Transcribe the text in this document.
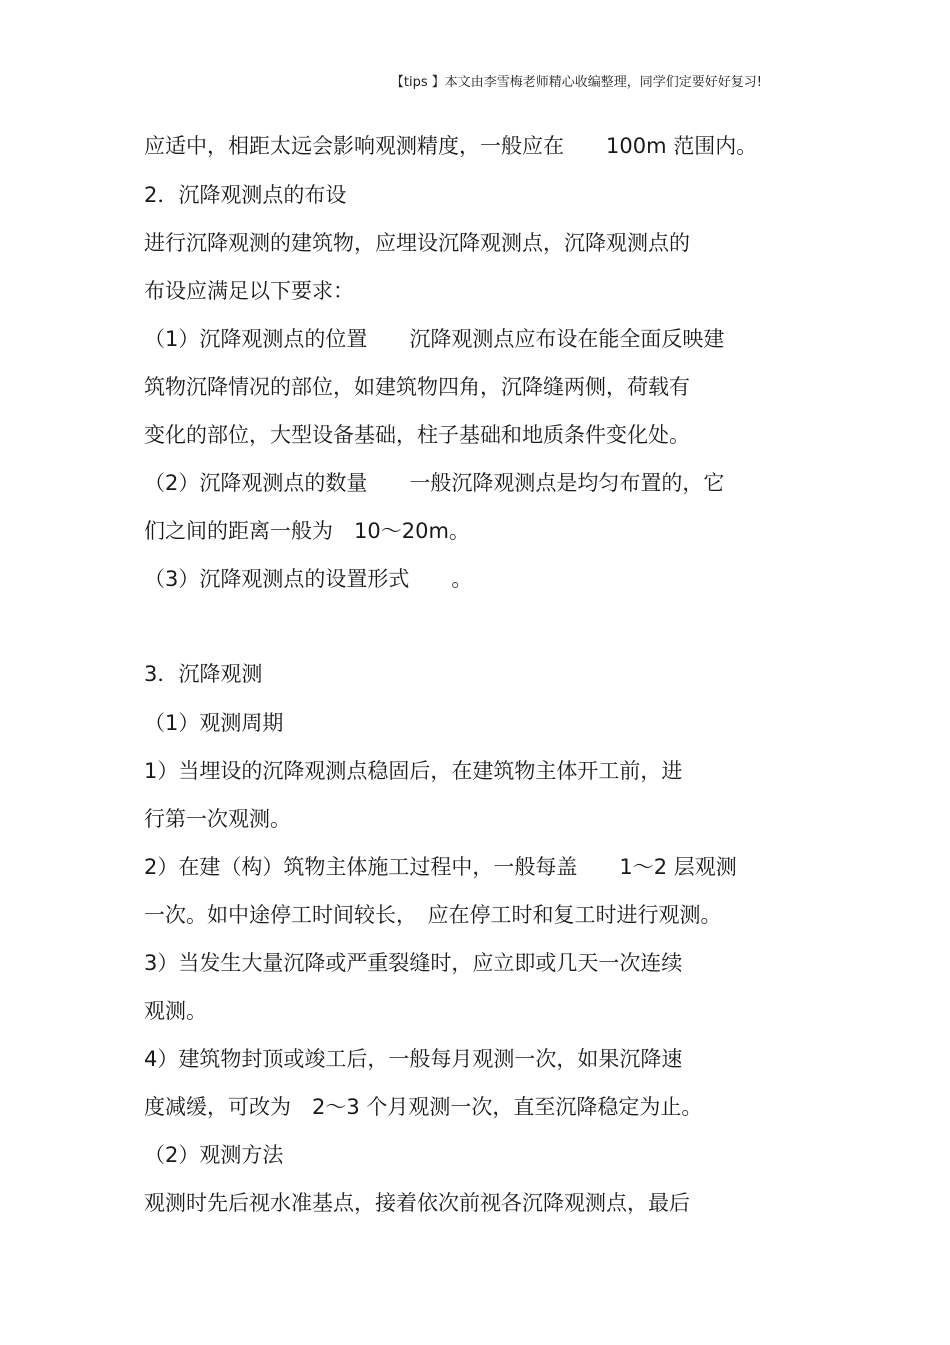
【tips 】本文由李雪梅老师精心收编整理，同学们定要好好复习!
应适中，相距太远会影响观测精度，一般应在　　100m 范围内。
2．沉降观测点的布设
进行沉降观测的建筑物，应埋设沉降观测点，沉降观测点的
布设应满足以下要求：
（1）沉降观测点的位置　　沉降观测点应布设在能全面反映建
筑物沉降情况的部位，如建筑物四角，沉降缝两侧，荷载有
变化的部位，大型设备基础，柱子基础和地质条件变化处。
（2）沉降观测点的数量　　一般沉降观测点是均匀布置的，它
们之间的距离一般为　10～20m。
（3）沉降观测点的设置形式　　。
3．沉降观测
（1）观测周期
1）当埋设的沉降观测点稳固后，在建筑物主体开工前，进
行第一次观测。
2）在建（构）筑物主体施工过程中，一般每盖　　1～2 层观测
一次。如中途停工时间较长，　应在停工时和复工时进行观测。
3）当发生大量沉降或严重裂缝时，应立即或几天一次连续
观测。
4）建筑物封顶或竣工后，一般每月观测一次，如果沉降速
度减缓，可改为　2～3 个月观测一次，直至沉降稳定为止。
（2）观测方法
观测时先后视水准基点，接着依次前视各沉降观测点，最后
